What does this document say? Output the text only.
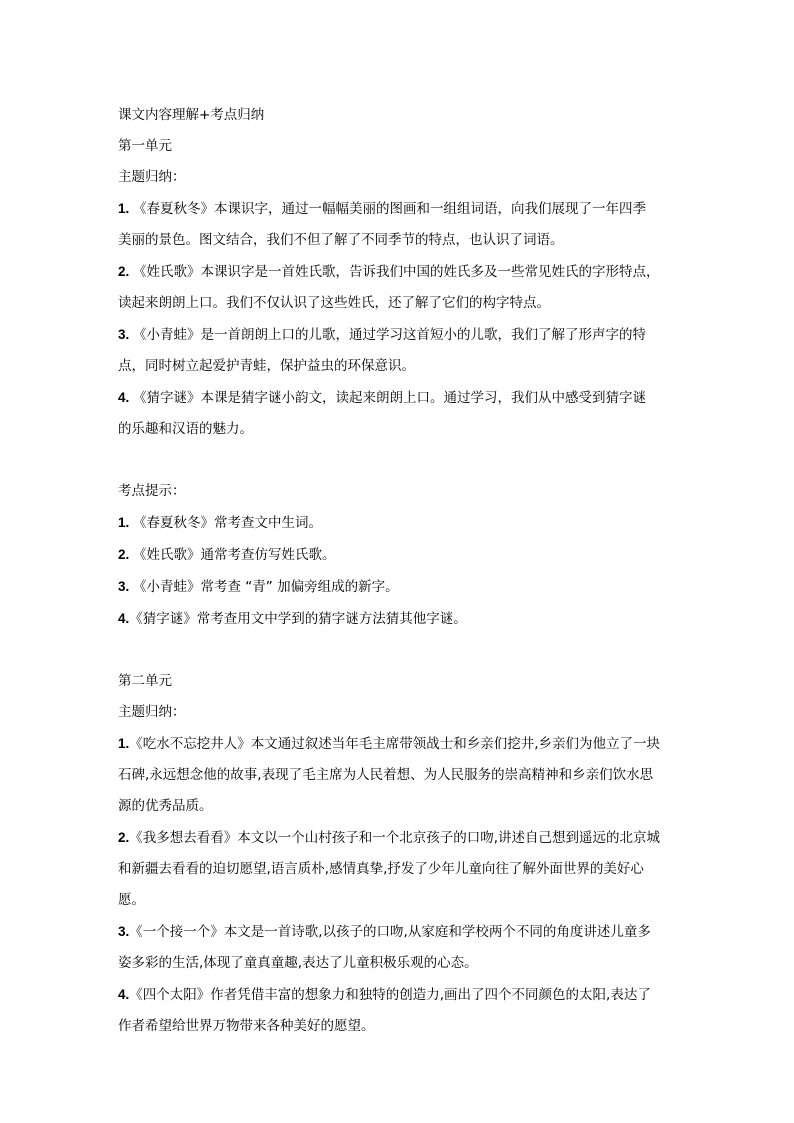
课文内容理解+考点归纳

第一单元

主题归纳：

1. 《春夏秋冬》本课识字，通过一幅幅美丽的图画和一组组词语，向我们展现了一年四季
美丽的景色。图文结合，我们不但了解了不同季节的特点，也认识了词语。
2. 《姓氏歌》本课识字是一首姓氏歌，告诉我们中国的姓氏多及一些常见姓氏的字形特点，
读起来朗朗上口。我们不仅认识了这些姓氏，还了解了它们的构字特点。
3. 《小青蛙》是一首朗朗上口的儿歌，通过学习这首短小的儿歌，我们了解了形声字的特
点，同时树立起爱护青蛙，保护益虫的环保意识。
4. 《猜字谜》本课是猜字谜小韵文，读起来朗朗上口。通过学习，我们从中感受到猜字谜
的乐趣和汉语的魅力。

考点提示：

1. 《春夏秋冬》常考查文中生词。

2. 《姓氏歌》通常考查仿写姓氏歌。

3. 《小青蛙》常考查 “青” 加偏旁组成的新字。

4.《猜字谜》常考查用文中学到的猜字谜方法猜其他字谜。

第二单元

主题归纳：

1.《吃水不忘挖井人》本文通过叙述当年毛主席带领战士和乡亲们挖井,乡亲们为他立了一块
石碑,永远想念他的故事,表现了毛主席为人民着想、为人民服务的崇高精神和乡亲们饮水思
源的优秀品质。
2.《我多想去看看》本文以一个山村孩子和一个北京孩子的口吻,讲述自己想到遥远的北京城
和新疆去看看的迫切愿望,语言质朴,感情真挚,抒发了少年儿童向往了解外面世界的美好心
愿。
3.《一个接一个》本文是一首诗歌,以孩子的口吻,从家庭和学校两个不同的角度讲述儿童多
姿多彩的生活,体现了童真童趣,表达了儿童积极乐观的心态。
4.《四个太阳》作者凭借丰富的想象力和独特的创造力,画出了四个不同颜色的太阳,表达了
作者希望给世界万物带来各种美好的愿望。
